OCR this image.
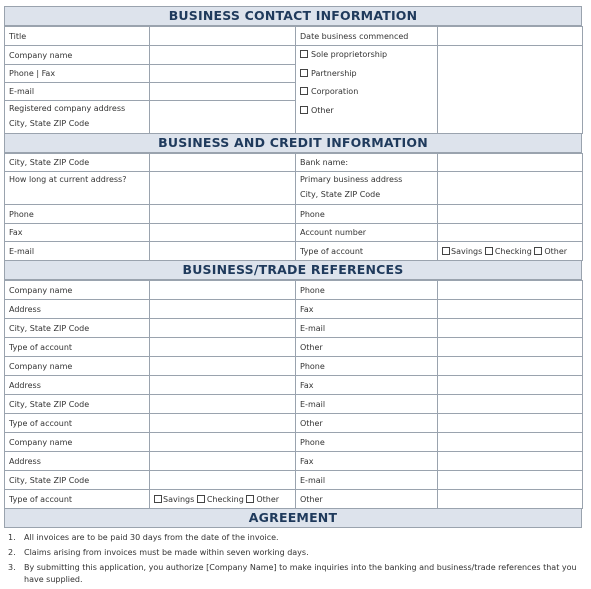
BUSINESS CONTACT INFORMATION
Title		Date business commenced	
Company name		Sole proprietorship
Partnership
Corporation
Other	

Phone | Fax			
E-mail			
Registered company address
City, State ZIP Code			

BUSINESS AND CREDIT INFORMATION
City, State ZIP Code		Bank name:	
How long at current address?		Primary business address
City, State ZIP Code	

Phone		Phone	
Fax		Account number	
E-mail		Type of account	Savings Checking Other
BUSINESS/TRADE REFERENCES
Company name		Phone	
Address		Fax	
City, State ZIP Code		E-mail	
Type of account		Other	
Company name		Phone	
Address		Fax	
City, State ZIP Code		E-mail	
Type of account		Other	
Company name		Phone	
Address		Fax	
City, State ZIP Code		E-mail	
Type of account	Savings Checking Other	Other	
AGREEMENT
1.	All invoices are to be paid 30 days from the date of the invoice.
2.	Claims arising from invoices must be made within seven working days.
3.	By submitting this application, you authorize [Company Name] to make inquiries into the banking and business/trade references that you have supplied.
